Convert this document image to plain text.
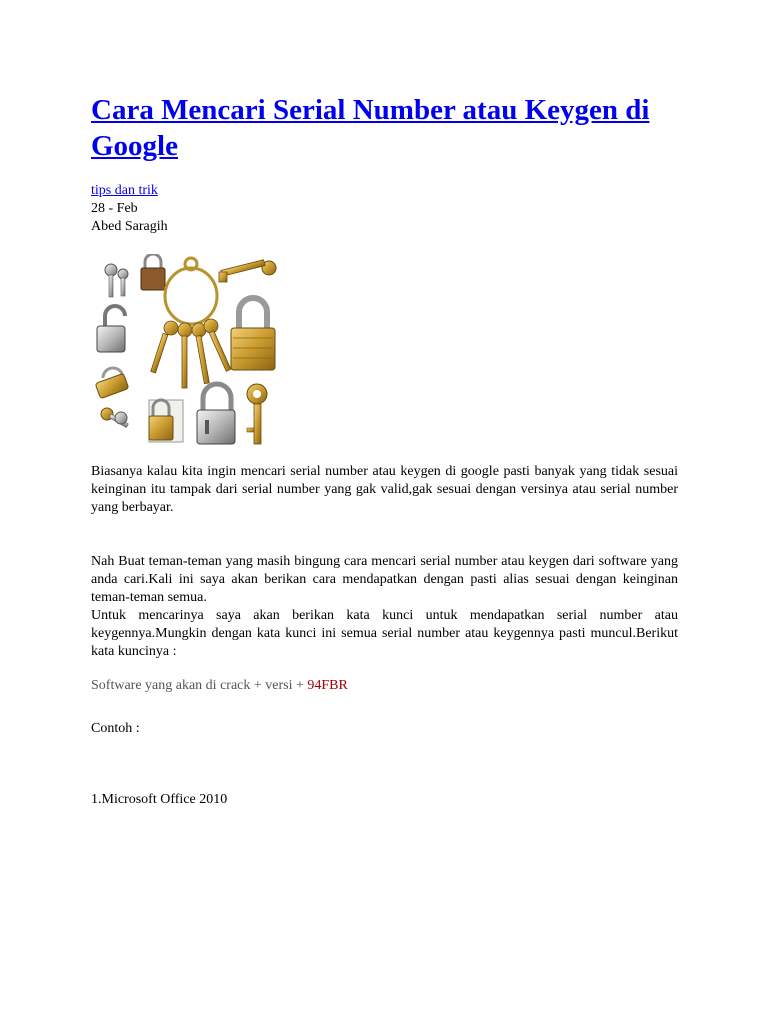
Cara Mencari Serial Number atau Keygen di Google
tips dan trik
28 - Feb
Abed Saragih

Biasanya kalau kita ingin mencari serial number atau keygen di google pasti banyak yang tidak sesuai keinginan itu tampak dari serial number yang gak valid,gak sesuai dengan versinya atau serial number yang berbayar.

Nah Buat teman-teman yang masih bingung cara mencari serial number atau keygen dari software yang anda cari.Kali ini saya akan berikan cara mendapatkan dengan pasti alias sesuai dengan keinginan teman-teman semua.

Untuk mencarinya saya akan berikan kata kunci untuk mendapatkan serial number atau keygennya.Mungkin dengan kata kunci ini semua serial number atau keygennya pasti muncul.Berikut kata kuncinya :

Software yang akan di crack + versi + 94FBR
Contoh :
1.Microsoft Office 2010
